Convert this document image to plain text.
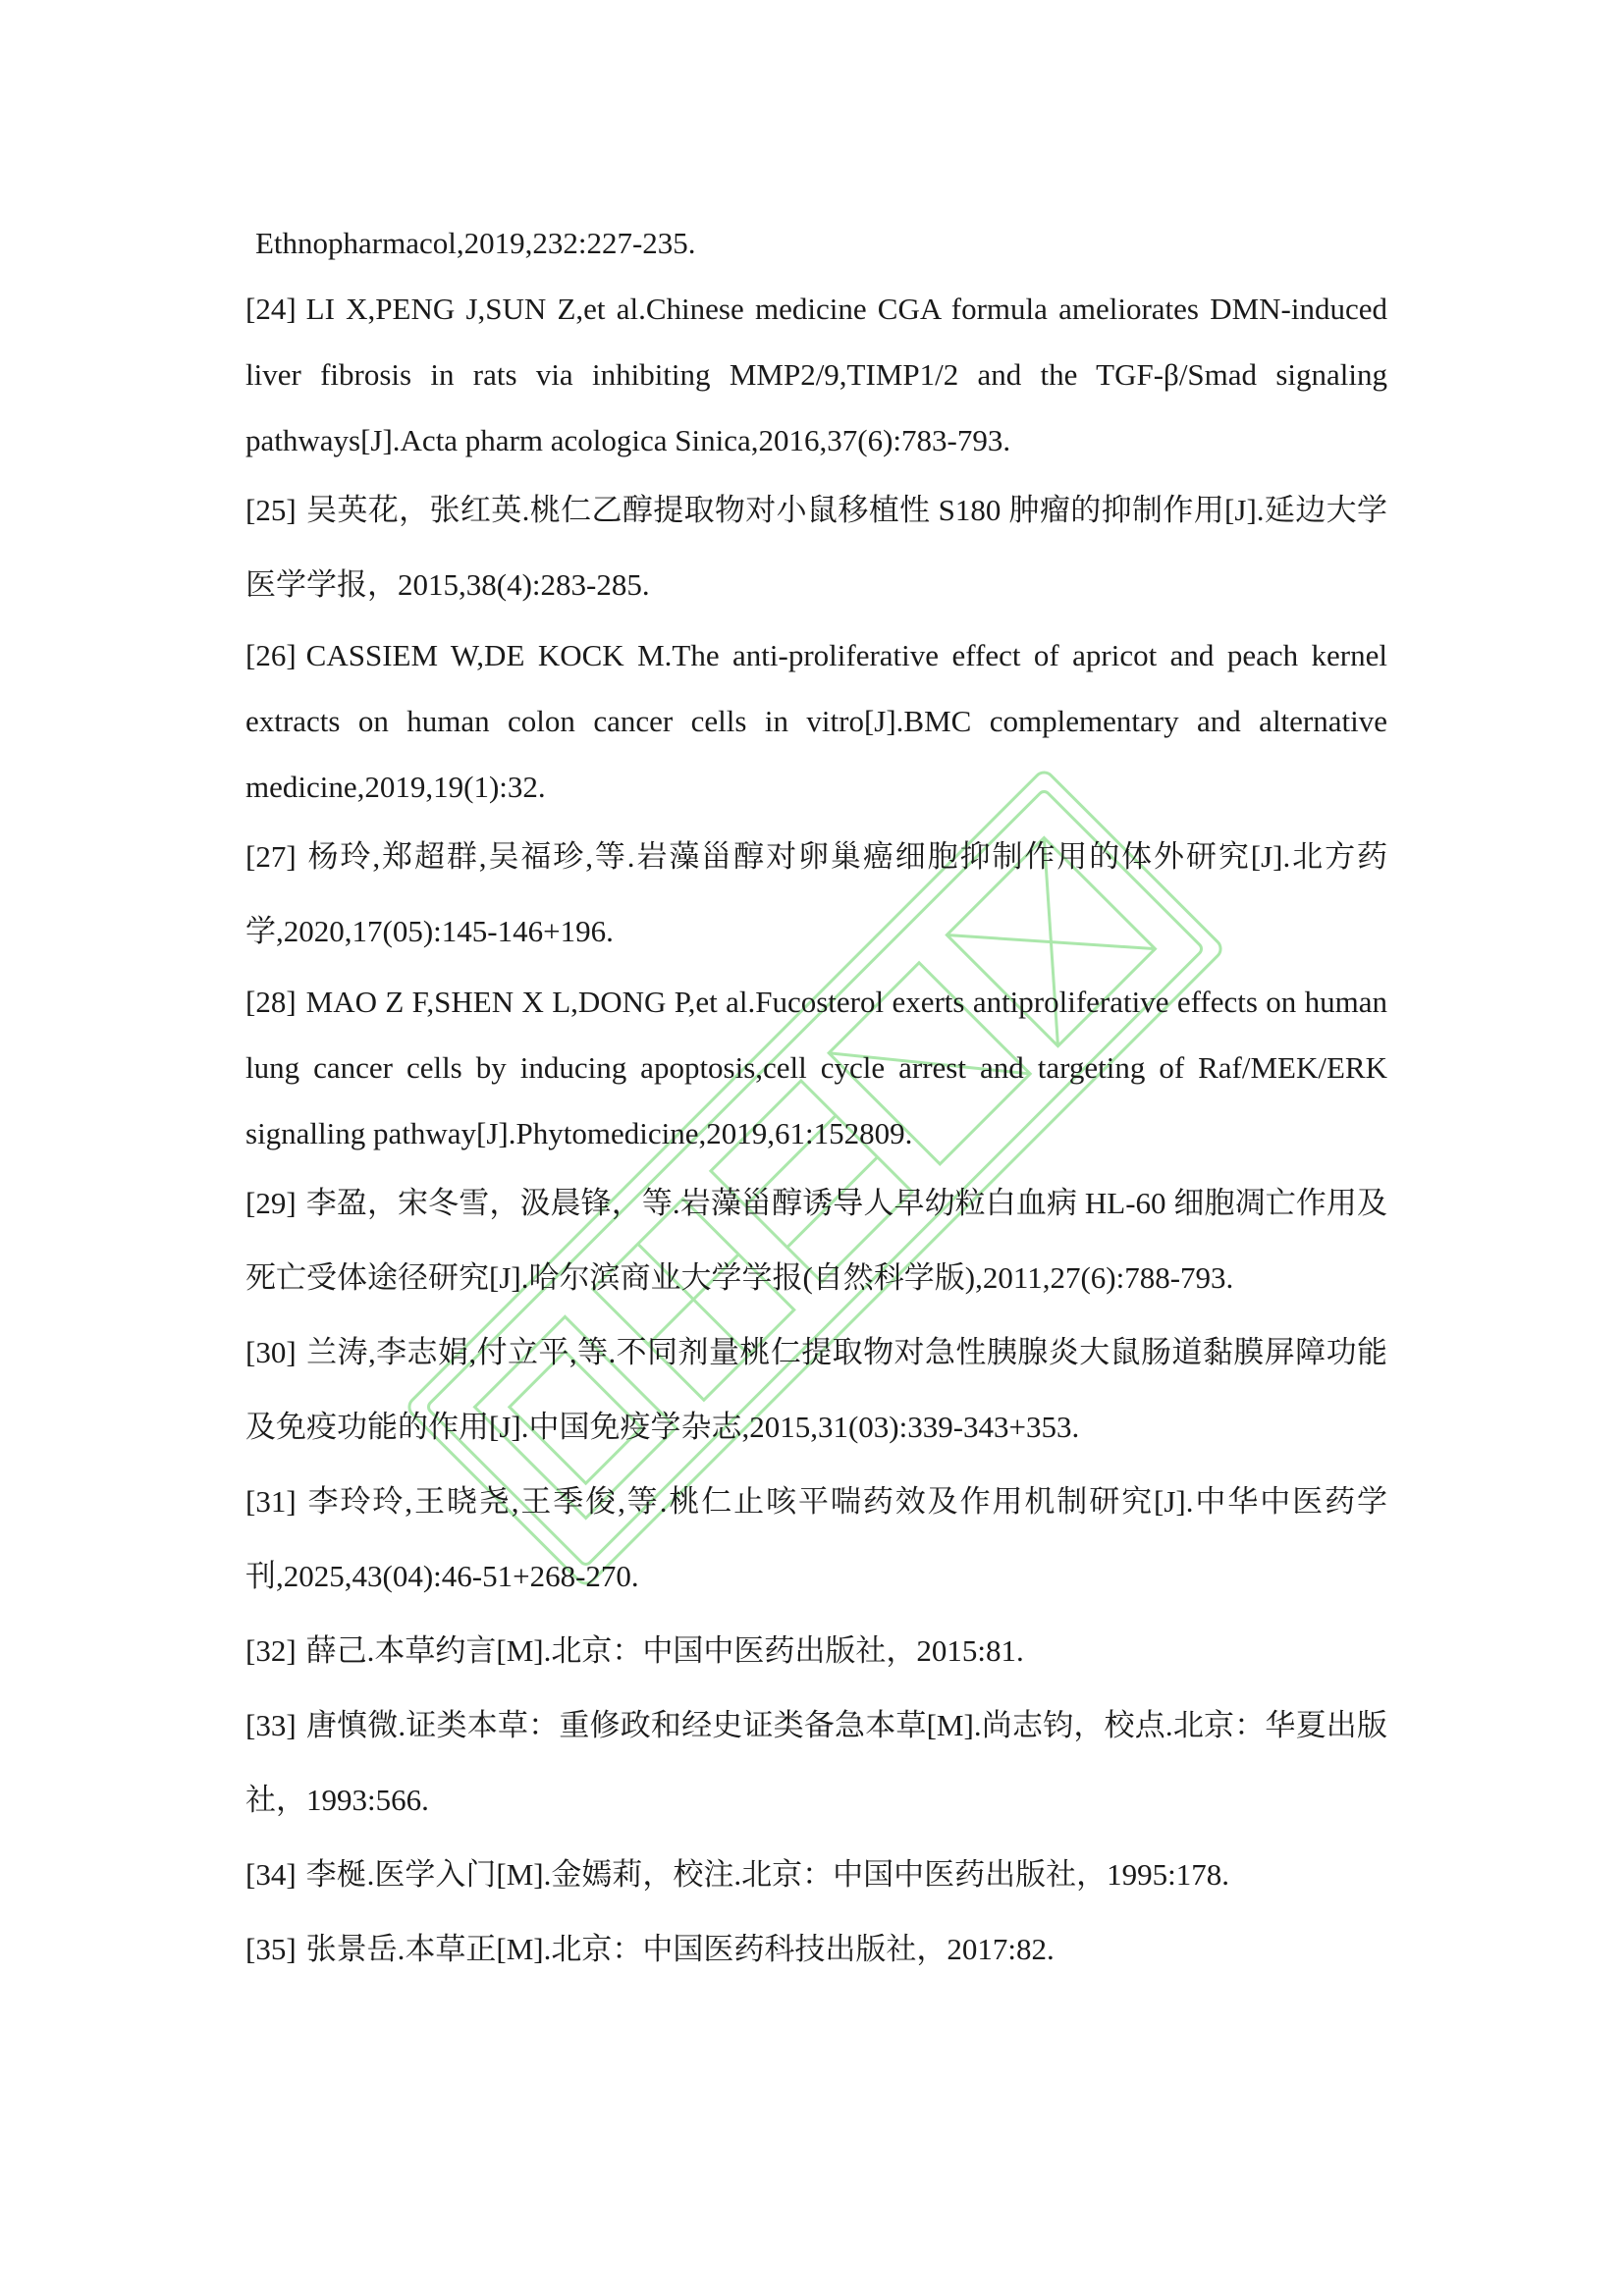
Ethnopharmacol,2019,232:227-235.

[24] LI X,PENG J,SUN Z,et al.Chinese medicine CGA formula ameliorates DMN-induced liver fibrosis in rats via inhibiting MMP2/9,TIMP1/2 and the TGF-β/Smad signaling pathways[J].Acta pharm acologica Sinica,2016,37(6):783-793.

[25] 吴英花，张红英.桃仁乙醇提取物对小鼠移植性 S180 肿瘤的抑制作用[J].延边大学医学学报，2015,38(4):283-285.

[26] CASSIEM W,DE KOCK M.The anti-proliferative effect of apricot and peach kernel extracts on human colon cancer cells in vitro[J].BMC complementary and alternative medicine,2019,19(1):32.

[27] 杨玲,郑超群,吴福珍,等.岩藻甾醇对卵巢癌细胞抑制作用的体外研究[J].北方药学,2020,17(05):145-146+196.

[28] MAO Z F,SHEN X L,DONG P,et al.Fucosterol exerts antiproliferative effects on human lung cancer cells by inducing apoptosis,cell cycle arrest and targeting of Raf/MEK/ERK signalling pathway[J].Phytomedicine,2019,61:152809.

[29] 李盈，宋冬雪，汲晨锋，等.岩藻甾醇诱导人早幼粒白血病 HL-60 细胞凋亡作用及死亡受体途径研究[J].哈尔滨商业大学学报(自然科学版),2011,27(6):788-793.

[30] 兰涛,李志娟,付立平,等.不同剂量桃仁提取物对急性胰腺炎大鼠肠道黏膜屏障功能及免疫功能的作用[J].中国免疫学杂志,2015,31(03):339-343+353.

[31] 李玲玲,王晓尧,王季俊,等.桃仁止咳平喘药效及作用机制研究[J].中华中医药学刊,2025,43(04):46-51+268-270.

[32] 薛己.本草约言[M].北京：中国中医药出版社，2015:81.

[33] 唐慎微.证类本草：重修政和经史证类备急本草[M].尚志钧，校点.北京：华夏出版社，1993:566.

[34] 李梴.医学入门[M].金嫣莉，校注.北京：中国中医药出版社，1995:178.

[35] 张景岳.本草正[M].北京：中国医药科技出版社，2017:82.
